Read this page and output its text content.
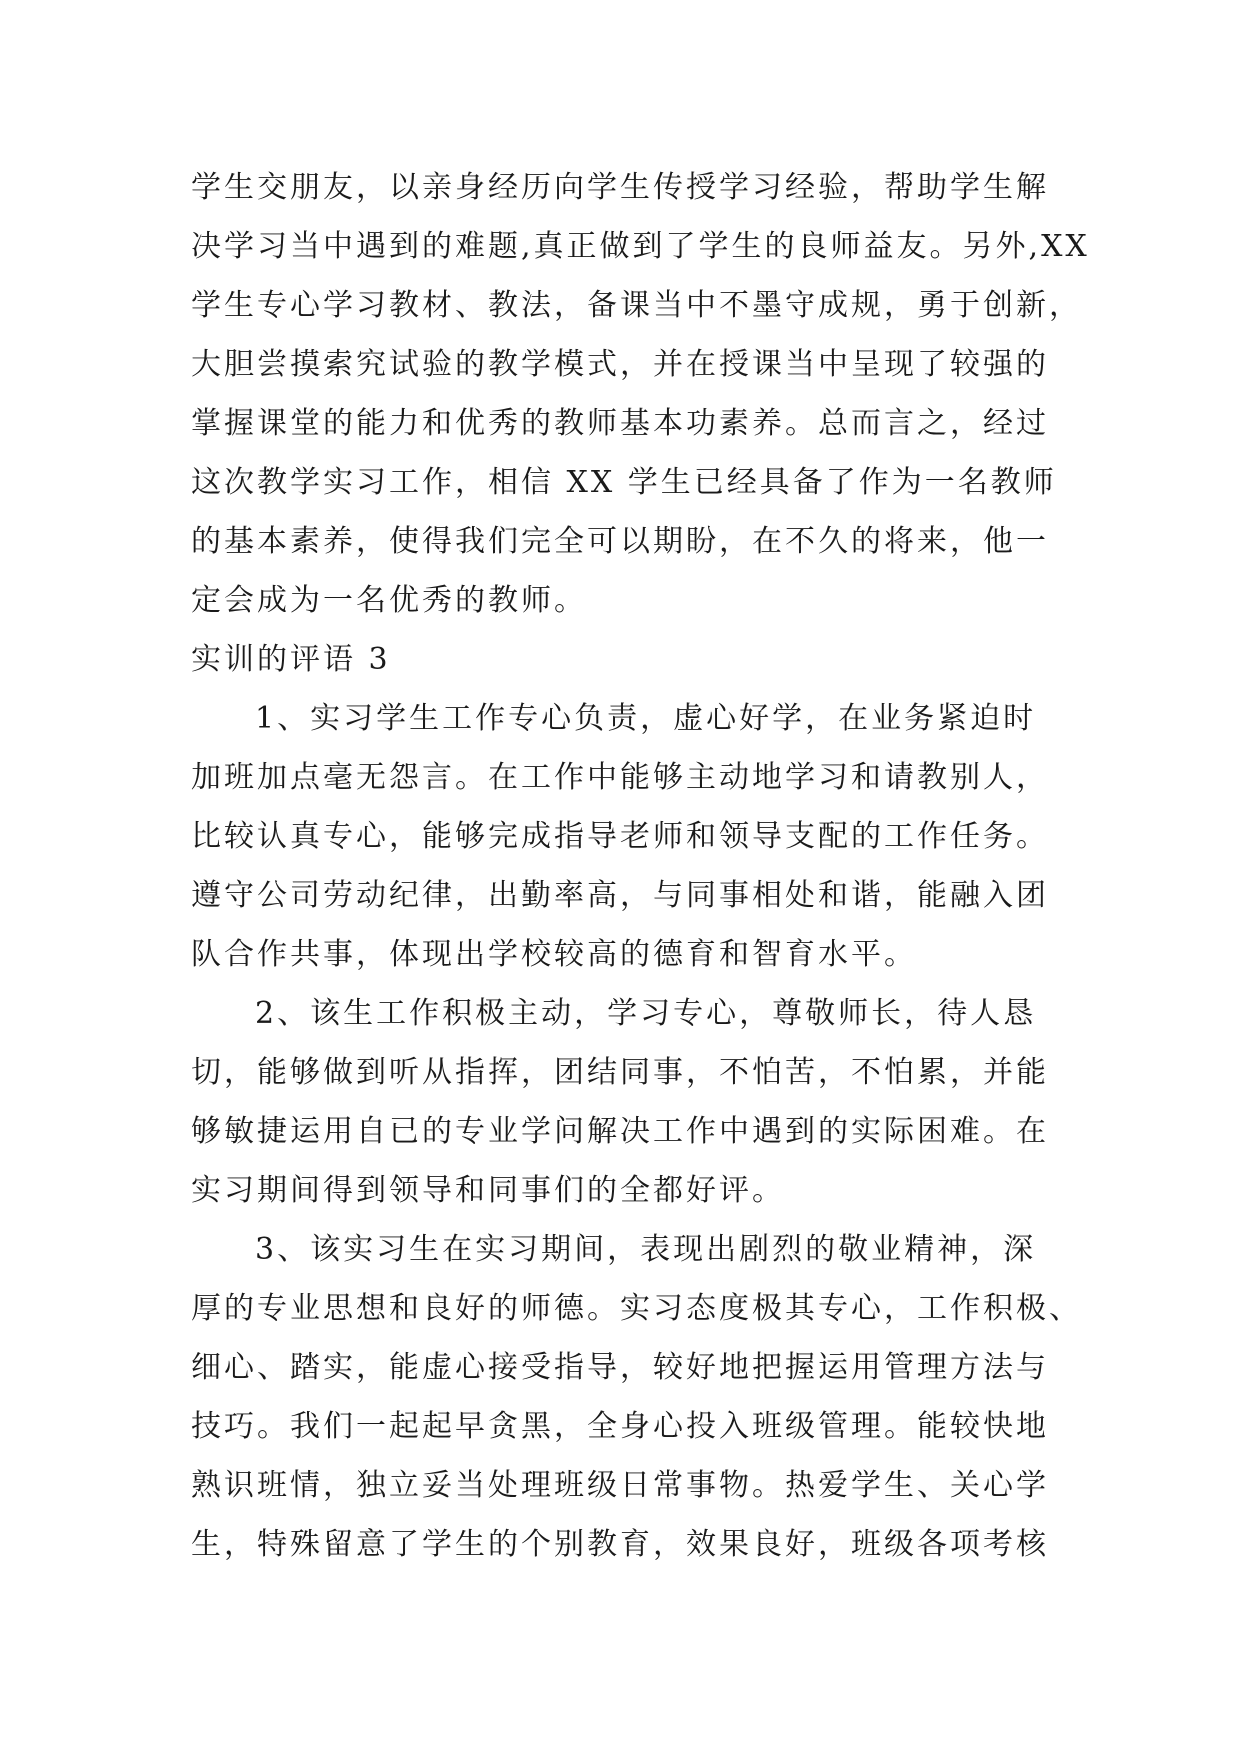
学生交朋友，以亲身经历向学生传授学习经验，帮助学生解
决学习当中遇到的难题,真正做到了学生的良师益友。另外,XX
学生专心学习教材、教法，备课当中不墨守成规，勇于创新，
大胆尝摸索究试验的教学模式，并在授课当中呈现了较强的
掌握课堂的能力和优秀的教师基本功素养。总而言之，经过
这次教学实习工作，相信 XX 学生已经具备了作为一名教师
的基本素养，使得我们完全可以期盼，在不久的将来，他一
定会成为一名优秀的教师。
实训的评语 3
1、实习学生工作专心负责，虚心好学，在业务紧迫时
加班加点毫无怨言。在工作中能够主动地学习和请教别人，
比较认真专心，能够完成指导老师和领导支配的工作任务。
遵守公司劳动纪律，出勤率高，与同事相处和谐，能融入团
队合作共事，体现出学校较高的德育和智育水平。
2、该生工作积极主动，学习专心，尊敬师长，待人恳
切，能够做到听从指挥，团结同事，不怕苦，不怕累，并能
够敏捷运用自已的专业学问解决工作中遇到的实际困难。在
实习期间得到领导和同事们的全都好评。
3、该实习生在实习期间，表现出剧烈的敬业精神，深
厚的专业思想和良好的师德。实习态度极其专心，工作积极、
细心、踏实，能虚心接受指导，较好地把握运用管理方法与
技巧。我们一起起早贪黑，全身心投入班级管理。能较快地
熟识班情，独立妥当处理班级日常事物。热爱学生、关心学
生，特殊留意了学生的个别教育，效果良好，班级各项考核
